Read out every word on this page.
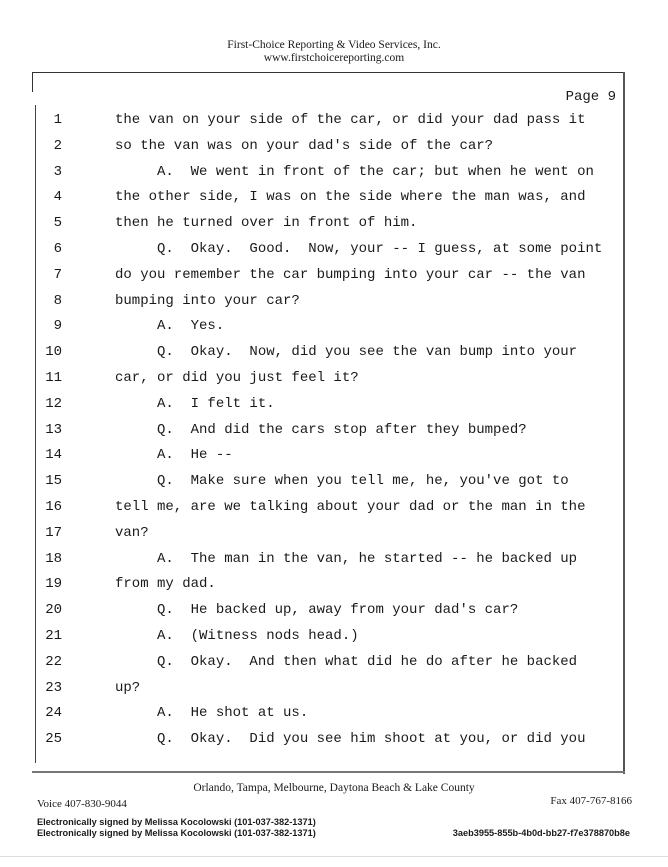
First-Choice Reporting & Video Services, Inc.
www.firstchoicereporting.com
Page 9
1	the van on your side of the car, or did your dad pass it
2	so the van was on your dad's side of the car?
3	A.  We went in front of the car; but when he went on
4	the other side, I was on the side where the man was, and
5	then he turned over in front of him.
6	Q.  Okay.  Good.  Now, your -- I guess, at some point
7	do you remember the car bumping into your car -- the van
8	bumping into your car?
9	A.  Yes.
10	Q.  Okay.  Now, did you see the van bump into your
11	car, or did you just feel it?
12	A.  I felt it.
13	Q.  And did the cars stop after they bumped?
14	A.  He --
15	Q.  Make sure when you tell me, he, you've got to
16	tell me, are we talking about your dad or the man in the
17	van?
18	A.  The man in the van, he started -- he backed up
19	from my dad.
20	Q.  He backed up, away from your dad's car?
21	A.  (Witness nods head.)
22	Q.  Okay.  And then what did he do after he backed
23	up?
24	A.  He shot at us.
25	Q.  Okay.  Did you see him shoot at you, or did you
Orlando, Tampa, Melbourne, Daytona Beach & Lake County
Voice 407-830-9044	Fax 407-767-8166
Electronically signed by Melissa Kocolowski (101-037-382-1371)
Electronically signed by Melissa Kocolowski (101-037-382-1371)	3aeb3955-855b-4b0d-bb27-f7e378870b8e
